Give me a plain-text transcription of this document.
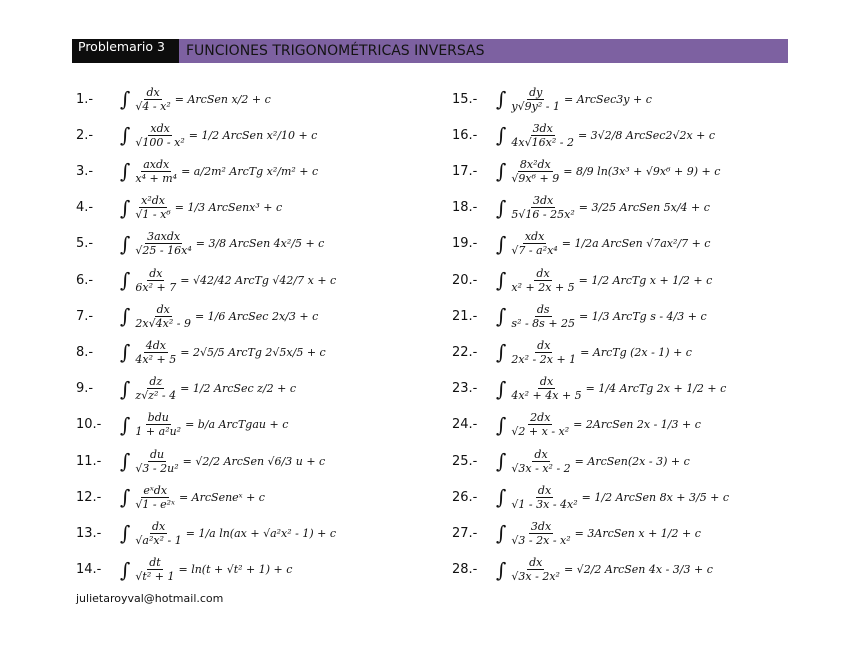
Problemario 3	FUNCIONES TRIGONOMÉTRICAS INVERSAS
1.-	∫ $\frac{dx}{\text{√4 - x²}}$ = ArcSen x/2 + c
2.-	∫ $\frac{\text{xdx}}{\text{√100 - x²}} = 1/2$ ArcSen x²/10 + c
3.-	∫ $\frac{\text{axdx}}{\text{x⁴ + m⁴}} = a/2m^2$ ArcTg x²/m² + c
4.-	∫ $\frac{\text{x²dx}}{\text{√1 - x⁶}} = 1/3$ ArcSenx³ + c
5.-	∫ $\frac{\text{3axdx}}{\text{√25 - 16x⁴}} = 3/8$ ArcSen 4x²/5 + c
6.-	∫ $\frac{dx}{\text{6x² + 7}} = √42/42$ ArcTg √42/7 x + c
7.-	∫ $\frac{dx}{\text{2x√4x² - 9}} = 1/6$ ArcSec 2x/3 + c
8.-	∫ $\frac{4dx}{\text{4x² + 5}} = 2√5/5$ ArcTg 2√5x/5 + c
9.-	∫ $\frac{dz}{\text{z√z² - 4}} = 1/2$ ArcSec z/2 + c
10.- ∫ $\frac{\text{bdu}}{\text{1 + a²u²}} = b/a$ ArcTgau + c
11.- ∫ $\frac{du}{\text{√3 - 2u²}} = √2/2$ ArcSen √6/3 u + c
12.- ∫ $\frac{\text{eˣdx}}{\text{√1 - e²ˣ}}$ = ArcSeneˣ + c
13.- ∫ $\frac{dx}{\text{√a²x² - 1}} = 1/a$ ln(ax + √a²x² - 1) + c
14.- ∫ $\frac{dt}{\text{√t² + 1}} = \ln(t + √t^2 + 1) + c$
15.- ∫ $\frac{dy}{\text{y√9y² - 1}}$ = ArcSec3y + c
16.- ∫ $\frac{3dx}{\text{4x√16x² - 2}} = 3√2/8$ ArcSec2√2x + c
17.- ∫ $\frac{\text{8x²dx}}{\text{√9x⁶ + 9}} = 8/9$ ln(3x³ + √9x⁶ + 9) + c
18.- ∫ $\frac{3dx}{\text{5√16 - 25x²}} = 3/25$ ArcSen 5x/4 + c
19.- ∫ $\frac{\text{xdx}}{\text{√7 - a²x⁴}} = 1/2a$ ArcSen √7ax²/7 + c
20.- ∫ $\frac{dx}{\text{x² + 2x + 5}} = 1/2$ ArcTg x + 1/2 + c
21.- ∫ $\frac{ds}{\text{s² - 8s + 25}} = 1/3$ ArcTg s - 4/3 + c
22.- ∫ $\frac{dx}{\text{2x² - 2x + 1}}$ = ArcTg (2x - 1) + c
23.- ∫ $\frac{dx}{\text{4x² + 4x + 5}} = 1/4$ ArcTg 2x + 1/2 + c
24.- ∫ $\frac{2dx}{\text{√2 + x - x²}}$ = 2ArcSen 2x - 1/3 + c
25.- ∫ $\frac{dx}{\text{√3x - x² - 2}}$ = ArcSen(2x - 3) + c
26.- ∫ $\frac{dx}{\text{√1 - 3x - 4x²}} = 1/2$ ArcSen 8x + 3/5 + c
27.- ∫ $\frac{3dx}{\text{√3 - 2x - x²}}$ = 3ArcSen x + 1/2 + c
28.- ∫ $\frac{dx}{\text{√3x - 2x²}} = √2/2$ ArcSen 4x - 3/3 + c
julietaroyval@hotmail.com
